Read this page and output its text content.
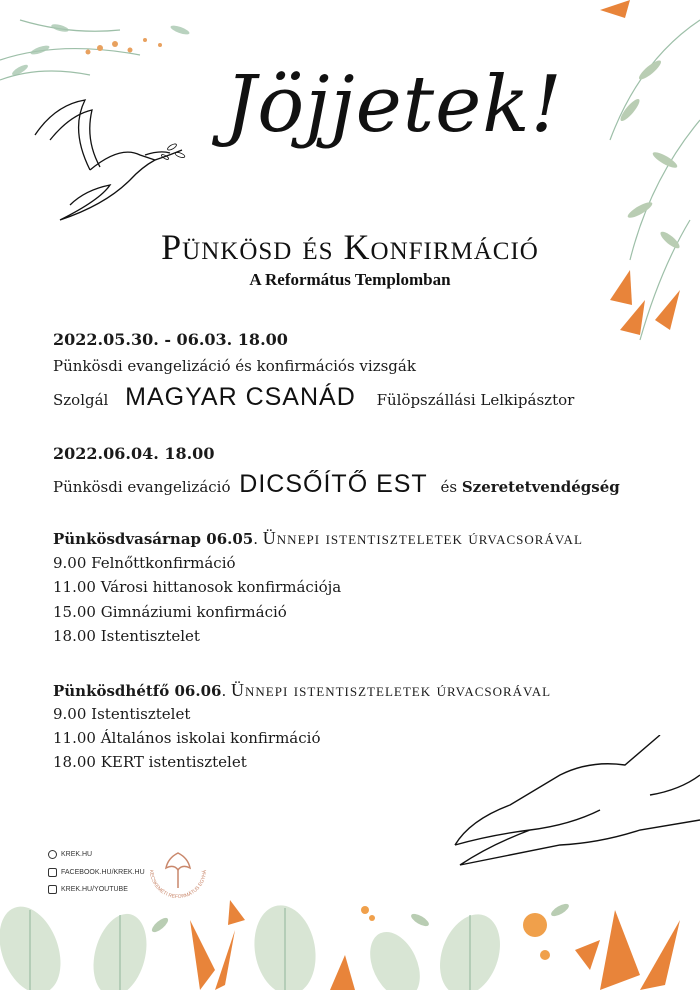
Jöjjetek!
Pünkösd és Konfirmáció
A Református Templomban
2022.05.30. - 06.03. 18.00
Pünkösdi evangelizáció és konfirmációs vizsgák
Szolgál MAGYAR CSANÁD Fülöpszállási Lelkipásztor
2022.06.04. 18.00
Pünkösdi evangelizáció DICSŐÍTŐ EST és Szeretetvendégség
Pünkösdvasárnap 06.05. Ünnepi istentiszteletek úrvacsorával
9.00 Felnőttkonfirmáció
11.00 Városi hittanosok konfirmációja
15.00 Gimnáziumi konfirmáció
18.00 Istentisztelet
Pünkösdhétfő 06.06. Ünnepi istentiszteletek úrvacsorával
9.00 Istentisztelet
11.00 Általános iskolai konfirmáció
18.00 KERT istentisztelet
KREK.HU
FACEBOOK.HU/KREK.HU
KREK.HU/YOUTUBE
KECSKEMÉTI REFORMÁTUS EGYHÁ
